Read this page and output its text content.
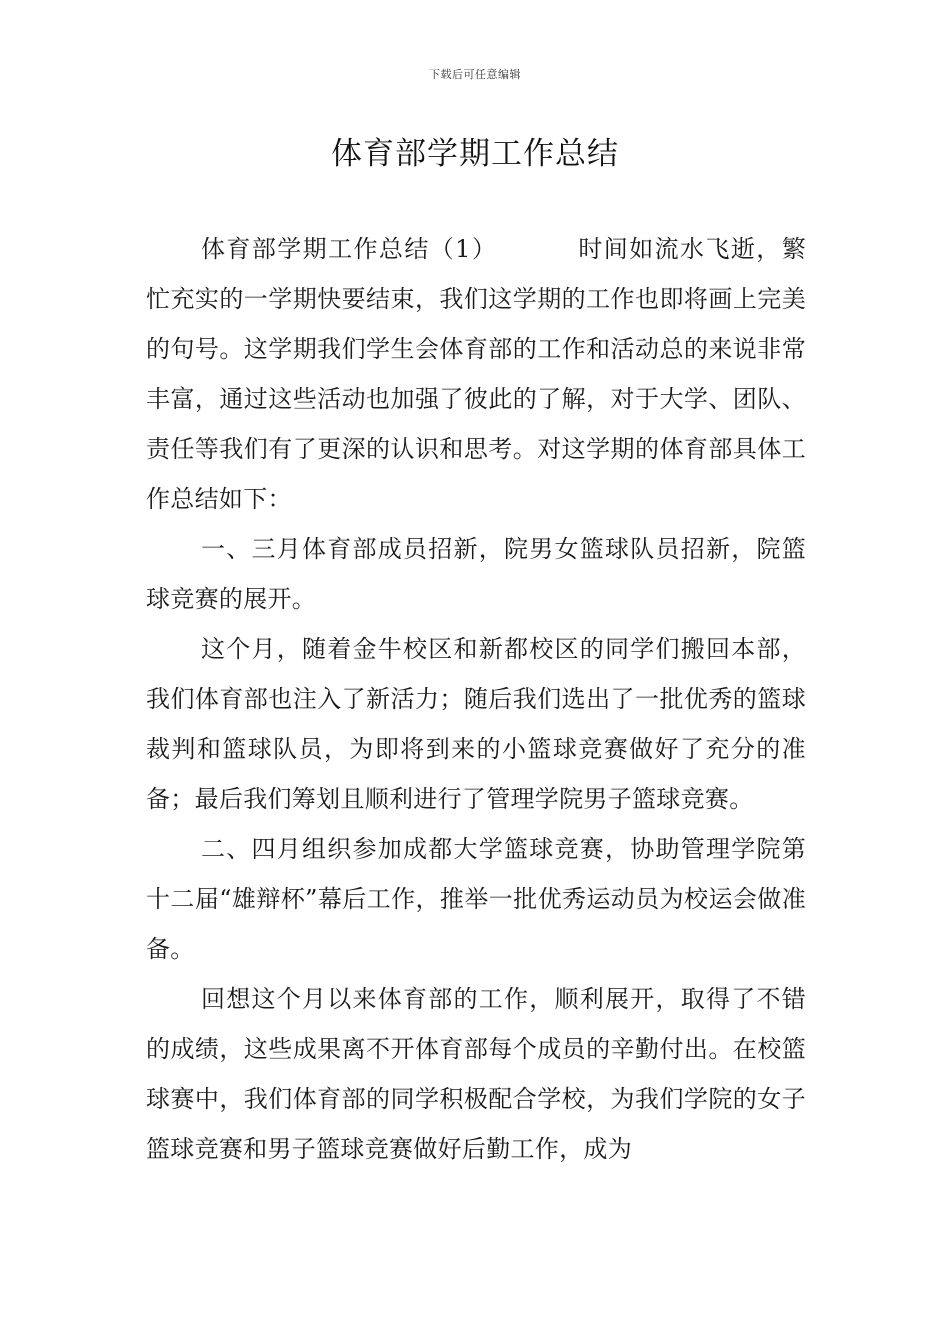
下载后可任意编辑
体育部学期工作总结

体育部学期工作总结（1）	时间如流水飞逝，繁忙充实的一学期快要结束，我们这学期的工作也即将画上完美的句号。这学期我们学生会体育部的工作和活动总的来说非常丰富，通过这些活动也加强了彼此的了解，对于大学、团队、责任等我们有了更深的认识和思考。对这学期的体育部具体工作总结如下：

一、三月体育部成员招新，院男女篮球队员招新，院篮球竞赛的展开。

这个月，随着金牛校区和新都校区的同学们搬回本部，我们体育部也注入了新活力；随后我们选出了一批优秀的篮球裁判和篮球队员，为即将到来的小篮球竞赛做好了充分的准备；最后我们筹划且顺利进行了管理学院男子篮球竞赛。

二、四月组织参加成都大学篮球竞赛，协助管理学院第十二届“雄辩杯”幕后工作，推举一批优秀运动员为校运会做准备。

回想这个月以来体育部的工作，顺利展开，取得了不错的成绩，这些成果离不开体育部每个成员的辛勤付出。在校篮球赛中，我们体育部的同学积极配合学校，为我们学院的女子篮球竞赛和男子篮球竞赛做好后勤工作，成为
